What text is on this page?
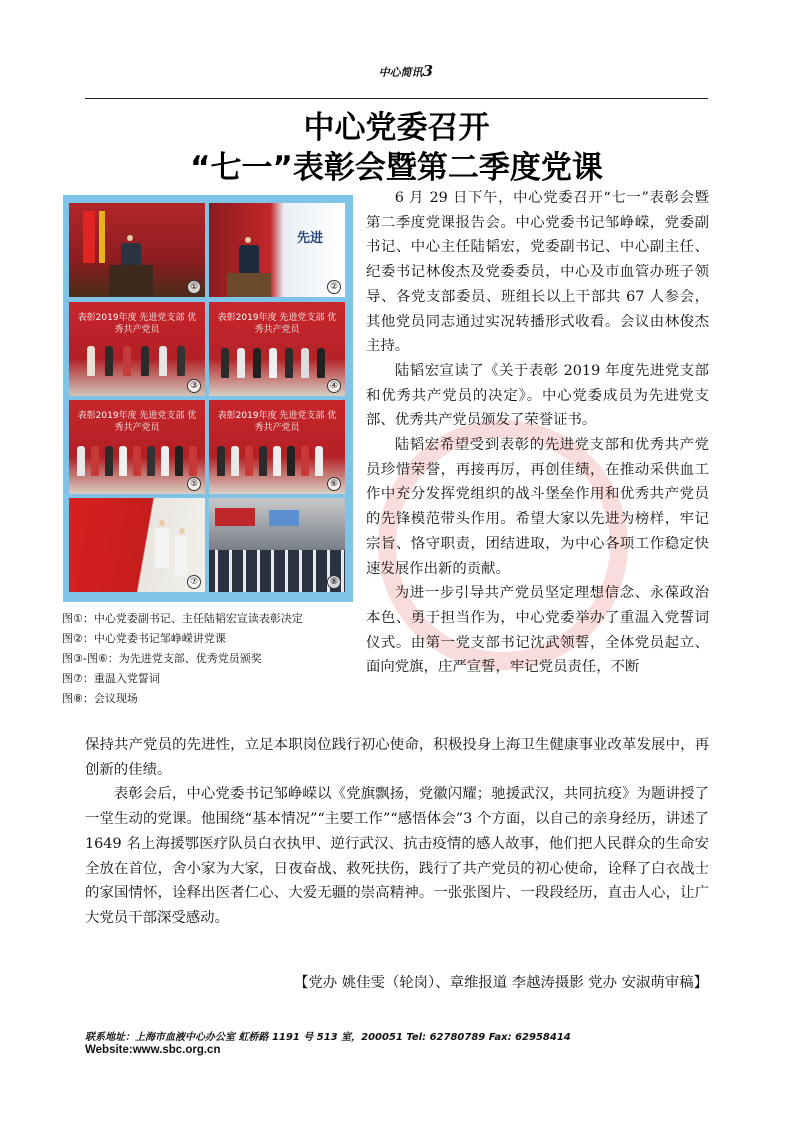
中心简讯3
中心党委召开
“七一”表彰会暨第二季度党课
①
先进
②
表彰2019年度 先进党支部 优秀共产党员
③
表彰2019年度 先进党支部 优秀共产党员
④
表彰2019年度 先进党支部 优秀共产党员
⑤
表彰2019年度 先进党支部 优秀共产党员
⑥
⑦	⑧
图①：中心党委副书记、主任陆韬宏宣读表彰决定
图②：中心党委书记邹峥嵘讲党课
图③-图⑥：为先进党支部、优秀党员颁奖
图⑦：重温入党誓词
图⑧：会议现场
6 月 29 日下午，中心党委召开“七一”表彰会暨第二季度党课报告会。中心党委书记邹峥嵘，党委副书记、中心主任陆韬宏，党委副书记、中心副主任、纪委书记林俊杰及党委委员，中心及市血管办班子领导、各党支部委员、班组长以上干部共 67 人参会，其他党员同志通过实况转播形式收看。会议由林俊杰主持。
陆韬宏宣读了《关于表彰 2019 年度先进党支部和优秀共产党员的决定》。中心党委成员为先进党支部、优秀共产党员颁发了荣誉证书。
陆韬宏希望受到表彰的先进党支部和优秀共产党员珍惜荣誉，再接再厉，再创佳绩，在推动采供血工作中充分发挥党组织的战斗堡垒作用和优秀共产党员的先锋模范带头作用。希望大家以先进为榜样，牢记宗旨、恪守职责，团结进取，为中心各项工作稳定快速发展作出新的贡献。
为进一步引导共产党员坚定理想信念、永葆政治本色、勇于担当作为，中心党委举办了重温入党誓词仪式。由第一党支部书记沈武领誓，全体党员起立、面向党旗，庄严宣誓，牢记党员责任，不断
保持共产党员的先进性，立足本职岗位践行初心使命，积极投身上海卫生健康事业改革发展中，再创新的佳绩。
表彰会后，中心党委书记邹峥嵘以《党旗飘扬，党徽闪耀；驰援武汉，共同抗疫》为题讲授了一堂生动的党课。他围绕“基本情况”“主要工作”“感悟体会”3 个方面，以自己的亲身经历，讲述了 1649 名上海援鄂医疗队员白衣执甲、逆行武汉、抗击疫情的感人故事，他们把人民群众的生命安全放在首位，舍小家为大家，日夜奋战、救死扶伤，践行了共产党员的初心使命，诠释了白衣战士的家国情怀，诠释出医者仁心、大爱无疆的崇高精神。一张张图片、一段段经历，直击人心，让广大党员干部深受感动。
【党办 姚佳雯（轮岗）、章维报道 李越涛摄影 党办 安淑萌审稿】
联系地址：上海市血液中心办公室 虹桥路 1191 号 513 室，200051 Tel: 62780789 Fax: 62958414
Website:www.sbc.org.cn
